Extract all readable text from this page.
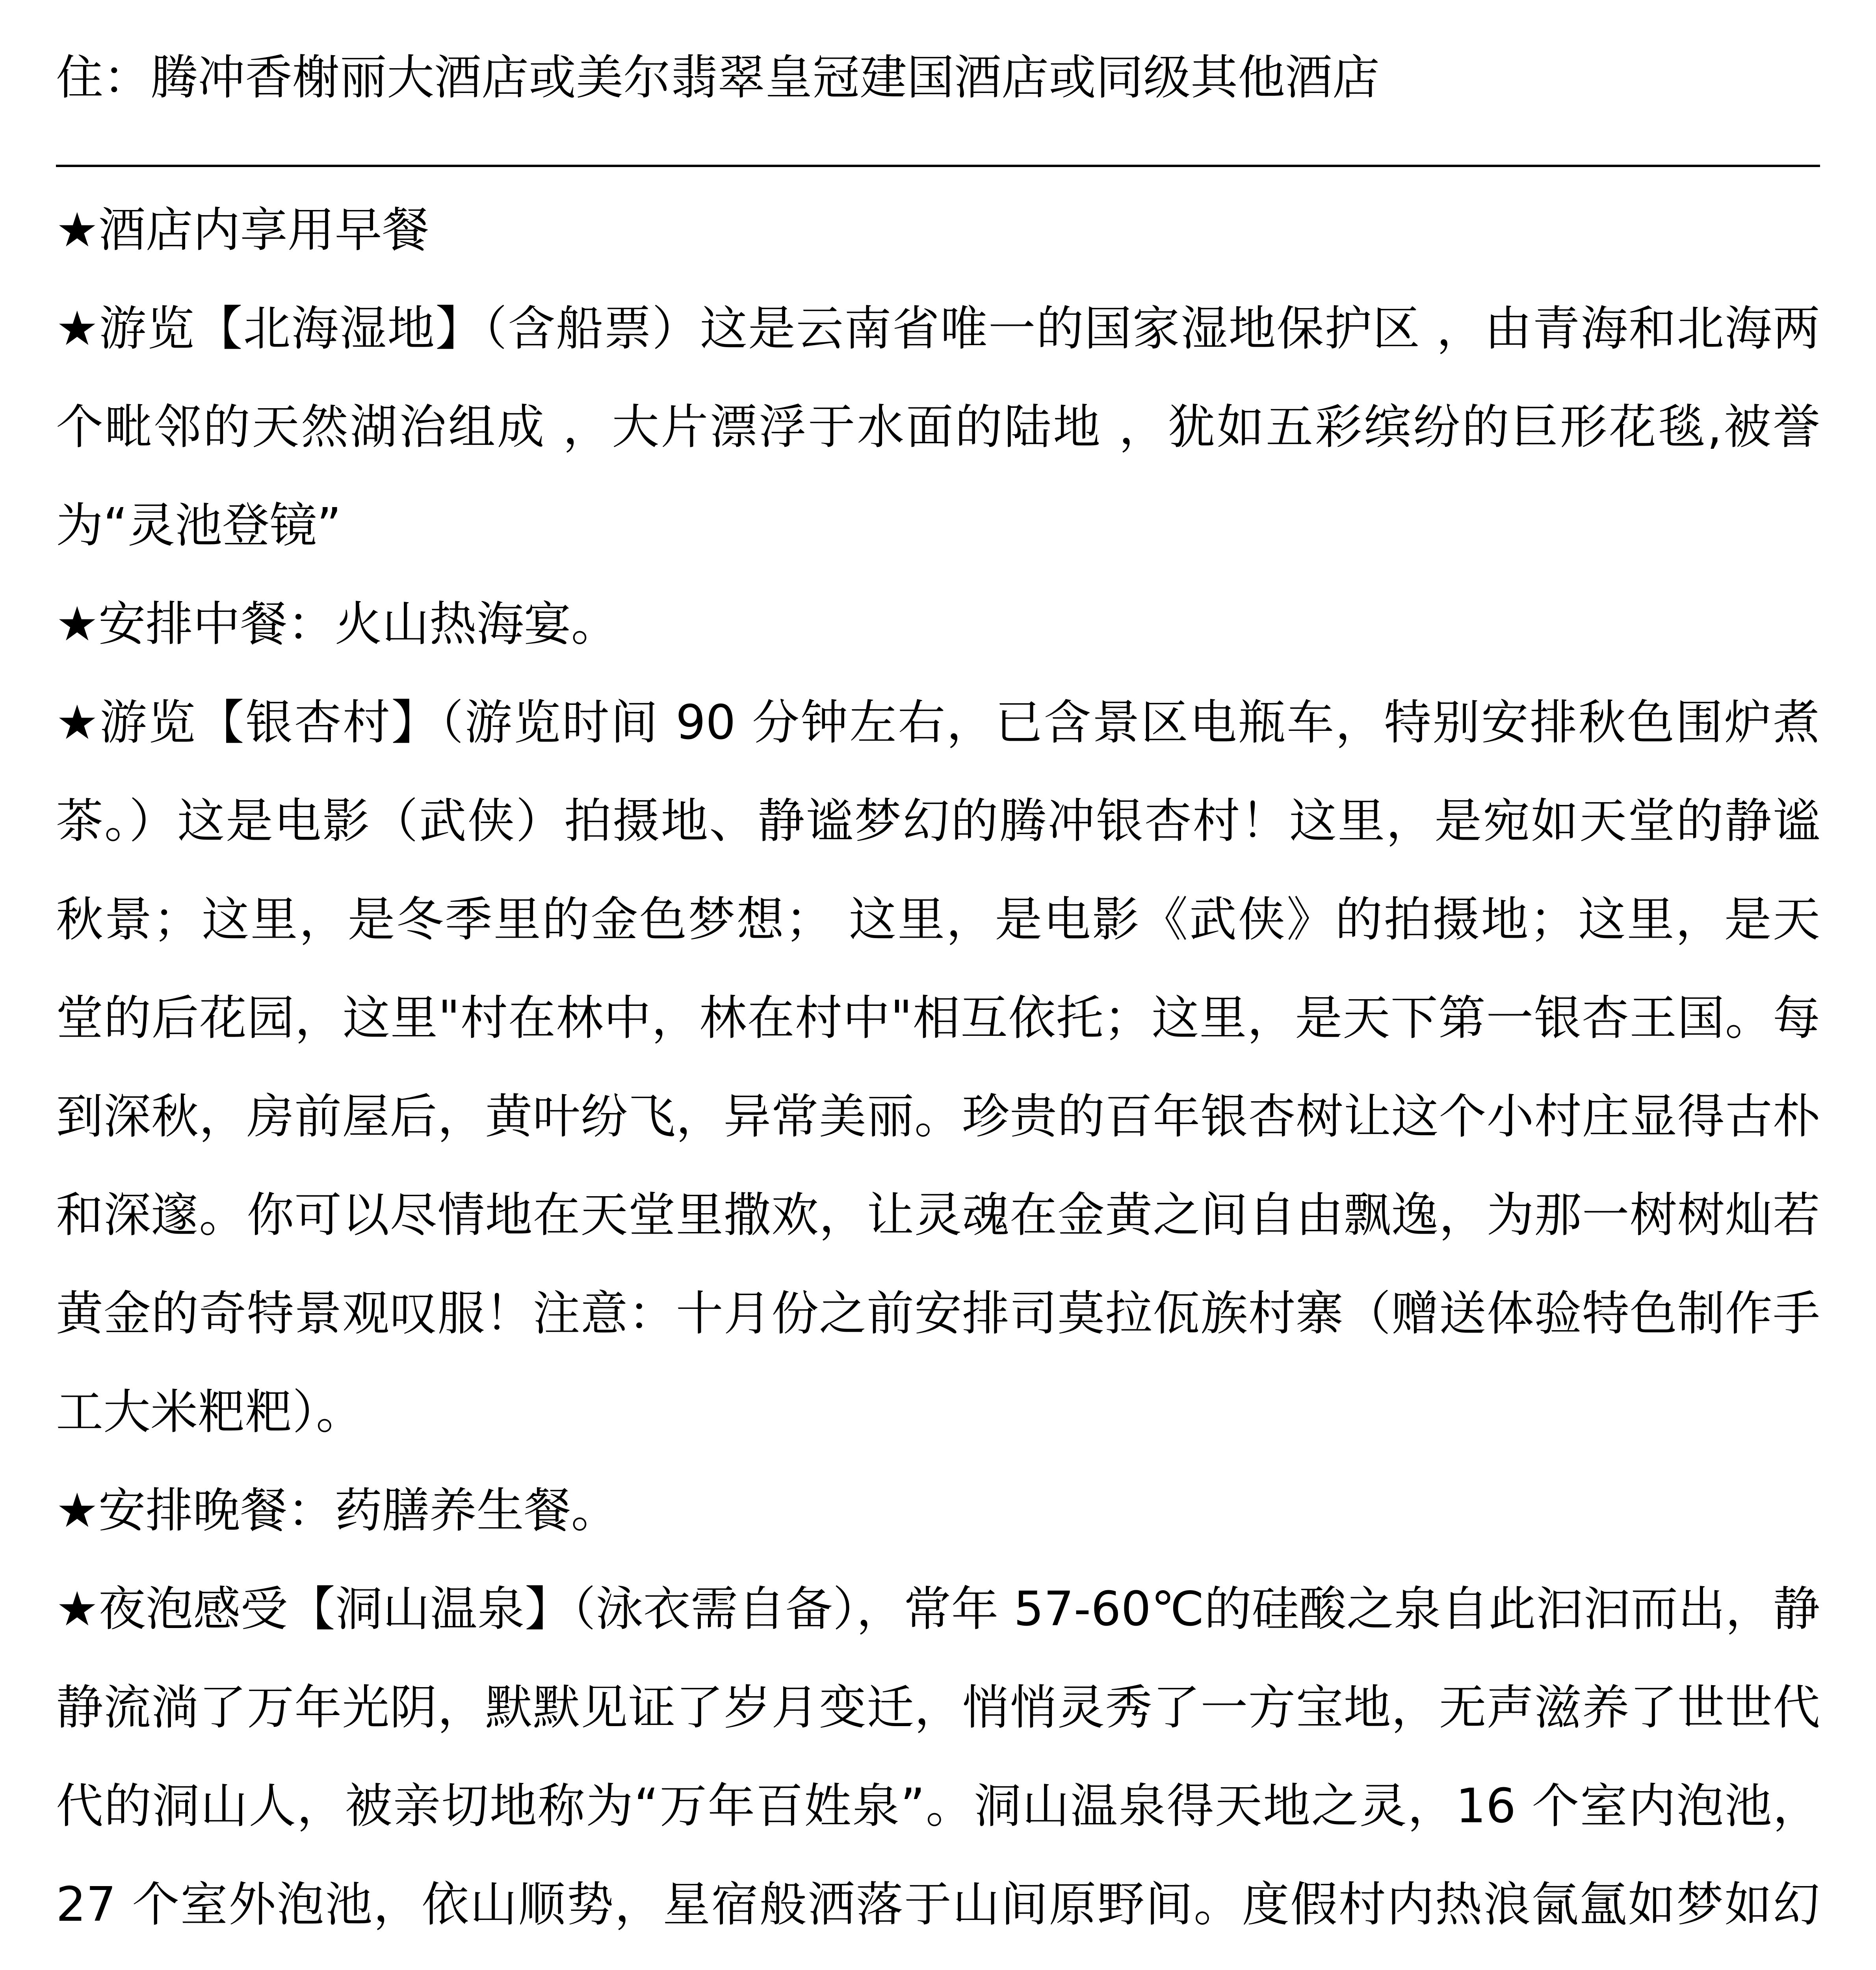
住：腾冲香榭丽大酒店或美尔翡翠皇冠建国酒店或同级其他酒店

★酒店内享用早餐

★游览【北海湿地】（含船票）这是云南省唯一的国家湿地保护区 ，由青海和北海两个毗邻的天然湖治组成 ，大片漂浮于水面的陆地 ，犹如五彩缤纷的巨形花毯,被誉为“灵池登镜”

★安排中餐：火山热海宴。

★游览【银杏村】（游览时间 90 分钟左右，已含景区电瓶车，特别安排秋色围炉煮茶。）这是电影（武侠）拍摄地、静谧梦幻的腾冲银杏村！这里，是宛如天堂的静谧秋景；这里，是冬季里的金色梦想； 这里，是电影《武侠》的拍摄地；这里，是天堂的后花园，这里"村在林中，林在村中"相互依托；这里，是天下第一银杏王国。每到深秋，房前屋后，黄叶纷飞，异常美丽。珍贵的百年银杏树让这个小村庄显得古朴和深邃。你可以尽情地在天堂里撒欢，让灵魂在金黄之间自由飘逸，为那一树树灿若黄金的奇特景观叹服！注意：十月份之前安排司莫拉佤族村寨（赠送体验特色制作手工大米粑粑）。

★安排晚餐：药膳养生餐。

★夜泡感受【洞山温泉】（泳衣需自备），常年 57-60℃的硅酸之泉自此汩汩而出，静静流淌了万年光阴，默默见证了岁月变迁，悄悄灵秀了一方宝地，无声滋养了世世代代的洞山人，被亲切地称为“万年百姓泉”。洞山温泉得天地之灵，16 个室内泡池，27 个室外泡池，依山顺势，星宿般洒落于山间原野间。度假村内热浪氤氲如梦如幻
